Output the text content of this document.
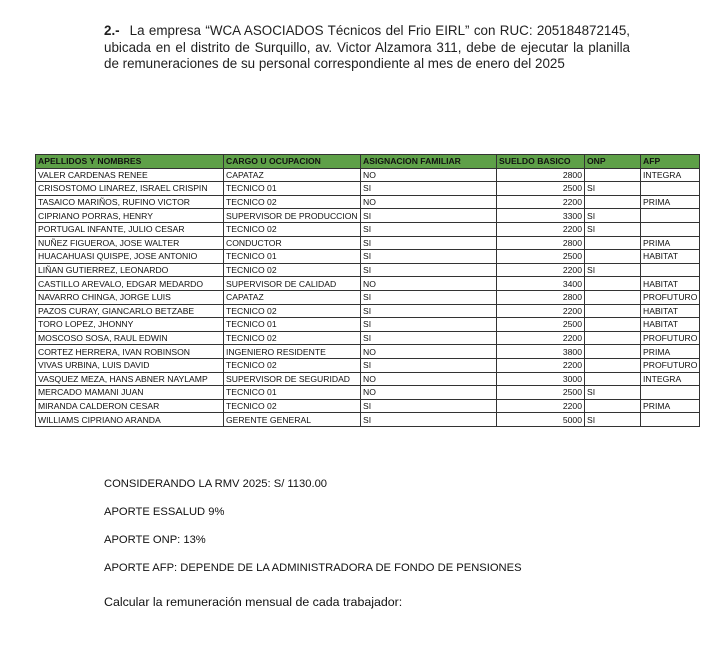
2.- La empresa “WCA ASOCIADOS Técnicos del Frio EIRL” con RUC: 205184872145, ubicada en el distrito de Surquillo, av. Victor Alzamora 311, debe de ejecutar la planilla de remuneraciones de su personal correspondiente al mes de enero del 2025
APELLIDOS Y NOMBRES	CARGO U OCUPACION	ASIGNACION FAMILIAR	SUELDO BASICO	ONP	AFP
VALER CARDENAS RENEE	CAPATAZ	NO	2800		INTEGRA
CRISOSTOMO LINAREZ, ISRAEL CRISPIN	TECNICO 01	SI	2500	SI	
TASAICO MARIÑOS, RUFINO VICTOR	TECNICO 02	NO	2200		PRIMA
CIPRIANO PORRAS, HENRY	SUPERVISOR DE PRODUCCION	SI	3300	SI	
PORTUGAL INFANTE, JULIO CESAR	TECNICO 02	SI	2200	SI	
NUÑEZ FIGUEROA, JOSE WALTER	CONDUCTOR	SI	2800		PRIMA
HUACAHUASI QUISPE, JOSE ANTONIO	TECNICO 01	SI	2500		HABITAT
LIÑAN GUTIERREZ, LEONARDO	TECNICO 02	SI	2200	SI	
CASTILLO AREVALO, EDGAR MEDARDO	SUPERVISOR DE CALIDAD	NO	3400		HABITAT
NAVARRO CHINGA, JORGE LUIS	CAPATAZ	SI	2800		PROFUTURO
PAZOS CURAY, GIANCARLO BETZABE	TECNICO 02	SI	2200		HABITAT
TORO LOPEZ, JHONNY	TECNICO 01	SI	2500		HABITAT
MOSCOSO SOSA, RAUL EDWIN	TECNICO 02	SI	2200		PROFUTURO
CORTEZ HERRERA, IVAN ROBINSON	INGENIERO RESIDENTE	NO	3800		PRIMA
VIVAS URBINA, LUIS DAVID	TECNICO 02	SI	2200		PROFUTURO
VASQUEZ MEZA, HANS ABNER NAYLAMP	SUPERVISOR DE SEGURIDAD	NO	3000		INTEGRA
MERCADO MAMANI JUAN	TECNICO 01	NO	2500	SI	
MIRANDA CALDERON CESAR	TECNICO 02	SI	2200		PRIMA
WILLIAMS CIPRIANO ARANDA	GERENTE GENERAL	SI	5000	SI	
CONSIDERANDO LA RMV 2025: S/ 1130.00
APORTE ESSALUD 9%
APORTE ONP: 13%
APORTE AFP: DEPENDE DE LA ADMINISTRADORA DE FONDO DE PENSIONES
Calcular la remuneración mensual de cada trabajador:
